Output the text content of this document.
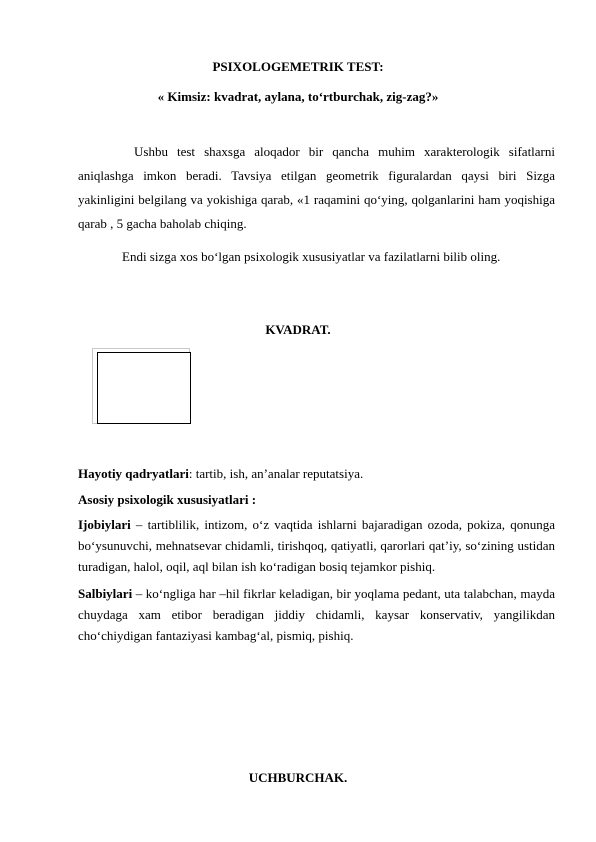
PSIXOLOGEMETRIK TEST:
« Kimsiz: kvadrat, aylana, to‘rtburchak, zig-zag?»
Ushbu test shaxsga aloqador bir qancha muhim xarakterologik sifatlarni aniqlashga imkon beradi. Tavsiya etilgan geometrik figuralardan qaysi biri Sizga yakinligini belgilang va yokishiga qarab, «1 raqamini qo‘ying, qolganlarini ham yoqishiga qarab , 5 gacha baholab chiqing.
Endi sizga xos bo‘lgan psixologik xususiyatlar va fazilatlarni bilib oling.
KVADRAT.
Hayotiy qadryatlari: tartib, ish, an’analar reputatsiya.
Asosiy psixologik xususiyatlari :
Ijobiylari – tartiblilik, intizom, o‘z vaqtida ishlarni bajaradigan ozoda, pokiza, qonunga bo‘ysunuvchi, mehnatsevar chidamli, tirishqoq, qatiyatli, qarorlari qat’iy, so‘zining ustidan turadigan, halol, oqil, aql bilan ish ko‘radigan bosiq tejamkor pishiq.
Salbiylari – ko‘ngliga har –hil fikrlar keladigan, bir yoqlama pedant, uta talabchan, mayda chuydaga xam etibor beradigan jiddiy chidamli, kaysar konservativ, yangilikdan cho‘chiydigan fantaziyasi kambag‘al, pismiq, pishiq.
UCHBURCHAK.
